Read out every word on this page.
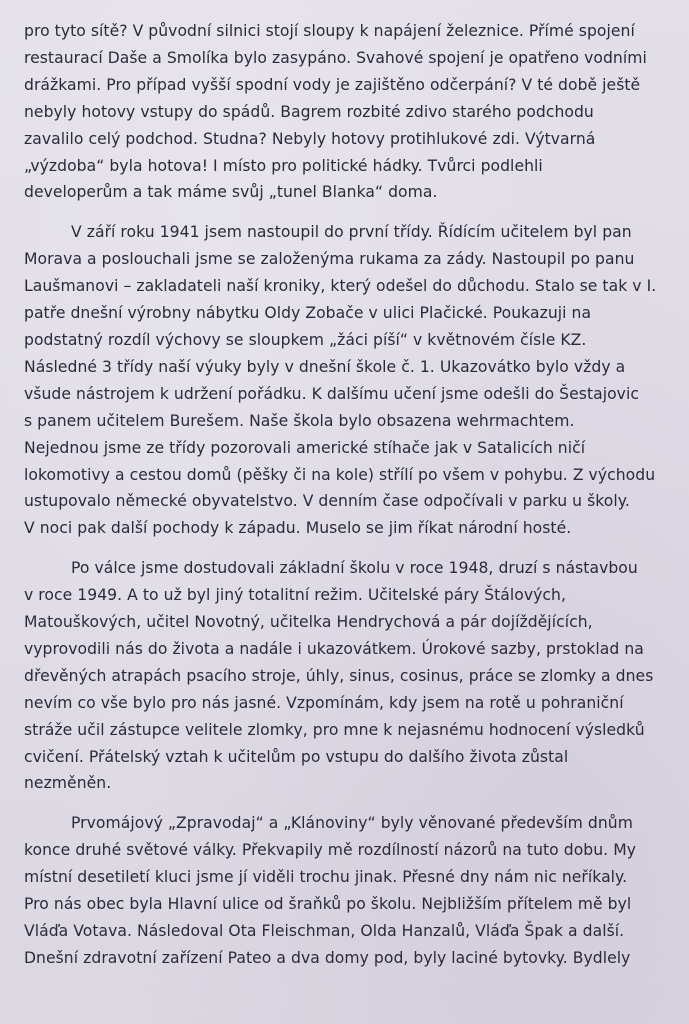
pro tyto sítě? V původní silnici stojí sloupy k napájení železnice. Přímé spojení
restaurací Daše a Smolíka bylo zasypáno. Svahové spojení je opatřeno vodními
drážkami. Pro případ vyšší spodní vody je zajištěno odčerpání? V té době ještě
nebyly hotovy vstupy do spádů. Bagrem rozbité zdivo starého podchodu
zavalilo celý podchod. Studna? Nebyly hotovy protihlukové zdi. Výtvarná
„výzdoba“ byla hotova! I místo pro politické hádky. Tvůrci podlehli
developerům a tak máme svůj „tunel Blanka“ doma.

V září roku 1941 jsem nastoupil do první třídy. Řídícím učitelem byl pan
Morava a poslouchali jsme se založenýma rukama za zády. Nastoupil po panu
Laušmanovi – zakladateli naší kroniky, který odešel do důchodu. Stalo se tak v I.
patře dnešní výrobny nábytku Oldy Zobače v ulici Plačické. Poukazuji na
podstatný rozdíl výchovy se sloupkem „žáci píší“ v květnovém čísle KZ.
Následné 3 třídy naší výuky byly v dnešní škole č. 1. Ukazovátko bylo vždy a
všude nástrojem k udržení pořádku. K dalšímu učení jsme odešli do Šestajovic
s panem učitelem Burešem. Naše škola bylo obsazena wehrmachtem.
Nejednou jsme ze třídy pozorovali americké stíhače jak v Satalicích ničí
lokomotivy a cestou domů (pěšky či na kole) střílí po všem v pohybu. Z východu
ustupovalo německé obyvatelstvo. V denním čase odpočívali v parku u školy.
V noci pak další pochody k západu. Muselo se jim říkat národní hosté.

Po válce jsme dostudovali základní školu v roce 1948, druzí s nástavbou
v roce 1949. A to už byl jiný totalitní režim. Učitelské páry Štálových,
Matouškových, učitel Novotný, učitelka Hendrychová a pár dojíždějících,
vyprovodili nás do života a nadále i ukazovátkem. Úrokové sazby, prstoklad na
dřevěných atrapách psacího stroje, úhly, sinus, cosinus, práce se zlomky a dnes
nevím co vše bylo pro nás jasné. Vzpomínám, kdy jsem na rotě u pohraniční
stráže učil zástupce velitele zlomky, pro mne k nejasnému hodnocení výsledků
cvičení. Přátelský vztah k učitelům po vstupu do dalšího života zůstal
nezměněn.

Prvomájový „Zpravodaj“ a „Klánoviny“ byly věnované především dnům
konce druhé světové války. Překvapily mě rozdílností názorů na tuto dobu. My
místní desetiletí kluci jsme jí viděli trochu jinak. Přesné dny nám nic neříkaly.
Pro nás obec byla Hlavní ulice od šraňků po školu. Nejbližším přítelem mě byl
Vláďa Votava. Následoval Ota Fleischman, Olda Hanzalů, Vláďa Špak a další.
Dnešní zdravotní zařízení Pateo a dva domy pod, byly laciné bytovky. Bydlely
